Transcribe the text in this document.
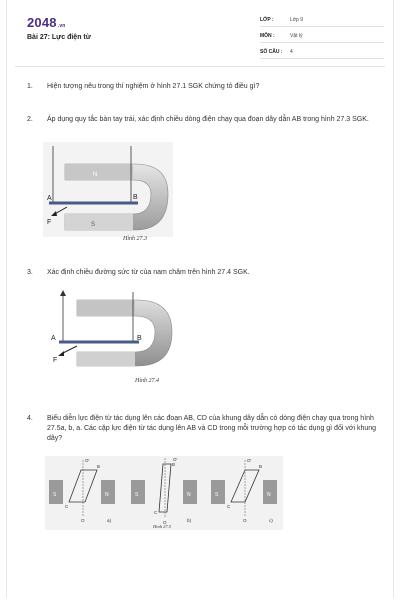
2048.vn
Bài 27: Lực điện từ
LỚP :	Lớp 9
MÔN :	Vật lý
SỐ CÂU : 4
1. Hiện tượng nêu trong thí nghiệm ở hình 27.1 SGK chứng tỏ điều gì?
2. Áp dụng quy tắc bàn tay trái, xác định chiều dòng điện chạy qua đoạn dây dẫn AB trong hình 27.3 SGK.
N
S
A	B
F
Hình 27.3
3. Xác định chiều đường sức từ của nam châm trên hình 27.4 SGK.
A	B
F
Hình 27.4
4. Biểu diễn lực điện từ tác dụng lên các đoạn AB, CD của khung dây dẫn có dòng điện chạy qua trong hình 27.5a, b, a. Các cặp lực điện từ tác dụng lên AB và CD trong mỗi trường hợp có tác dụng gì đối với khung dây?
S	N
B
C
O
O'
a)
S	N
B
C
O
O'
b)
S	N
B
C
O
O'
c)
Hình 27.5
